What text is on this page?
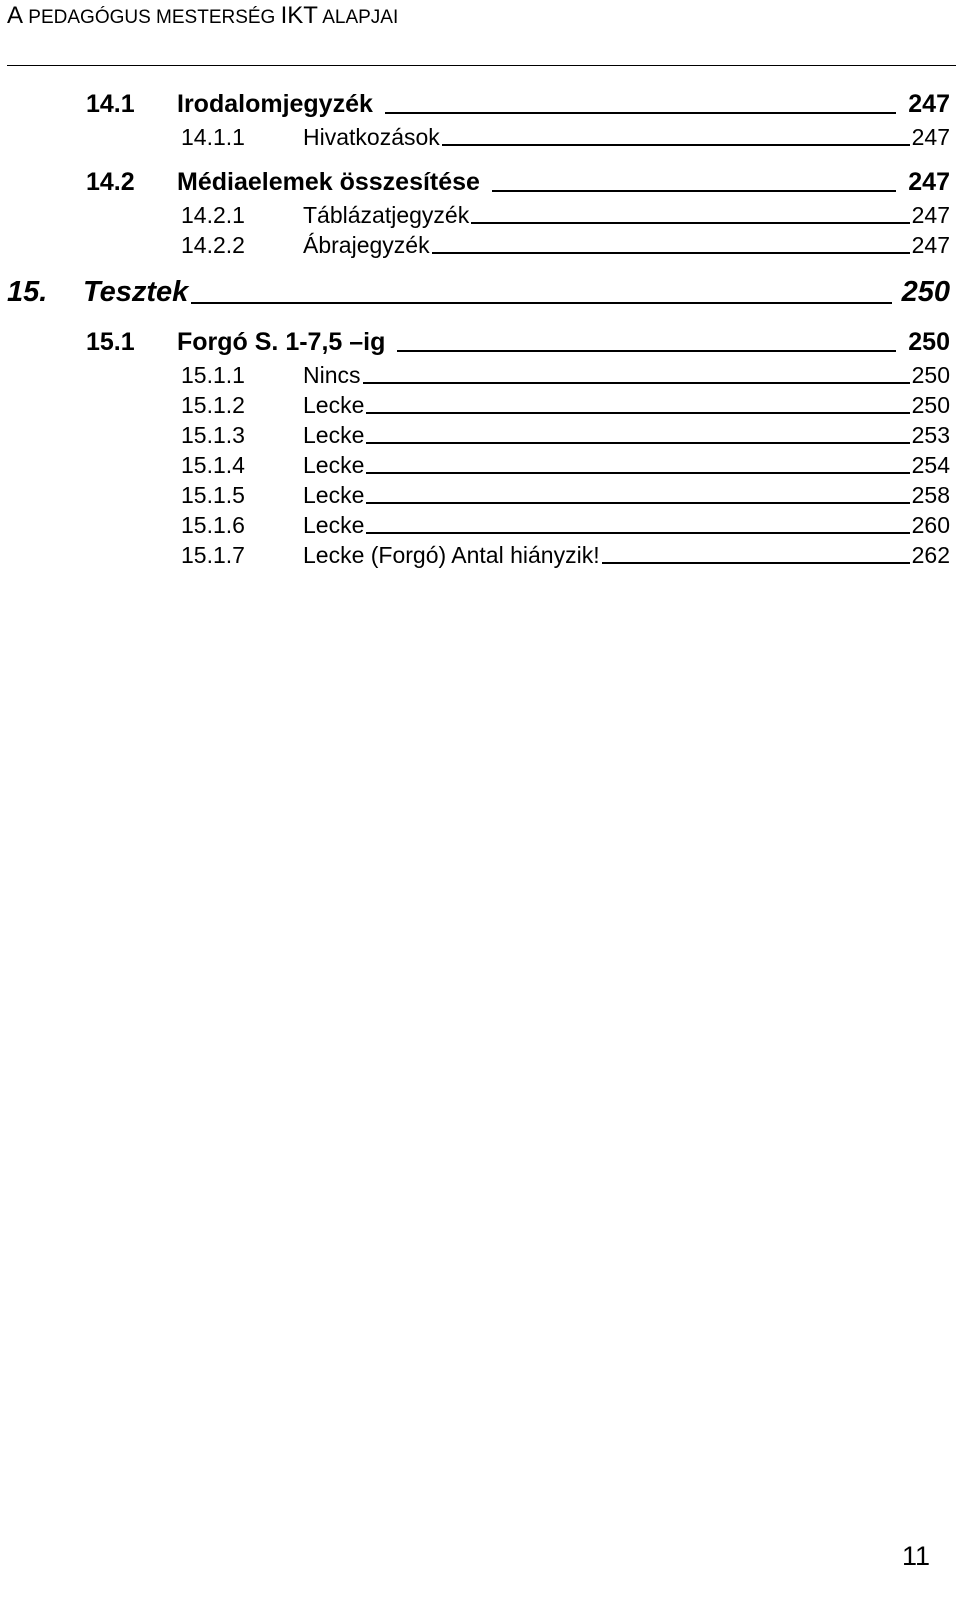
A PEDAGÓGUS MESTERSÉG IKT ALAPJAI
14.1	Irodalomjegyzék	247
14.1.1	Hivatkozások	247
14.2	Médiaelemek összesítése	247
14.2.1	Táblázatjegyzék	247
14.2.2	Ábrajegyzék	247
15.	Tesztek	250
15.1	Forgó S. 1-7,5 –ig	250
15.1.1	Nincs	250
15.1.2	Lecke	250
15.1.3	Lecke	253
15.1.4	Lecke	254
15.1.5	Lecke	258
15.1.6	Lecke	260
15.1.7	Lecke (Forgó) Antal hiányzik!	262
11
